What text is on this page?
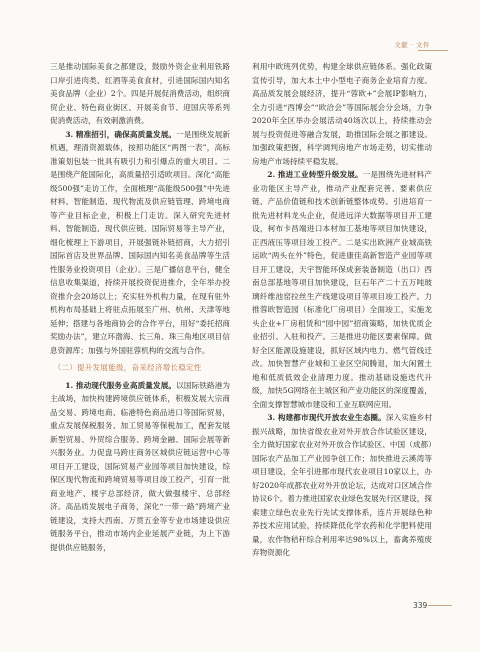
文献 · 文件

三是推动国际美食之都建设，鼓励外资企业利用铁路口岸引进肉类、红酒等美食食材，引进国际国内知名美食品牌（企业）2个。四是开展促消费活动，组织商贸企业、特色商业街区、开展美食节、迎国庆等系列促消费活动，有效刺激消费。

3. 精准招引，确保高质量发展。一是围绕发展新机遇，理清资源载体，按照功能区“两图一表”，高标准策划包装一批具有吸引力和引爆点的重大项目。二是围绕产能国际化，高质量招引适欧项目。深化“高能级500强”走访工作，全面梳理“高能级500强”中先进材料、智能制造、现代物流及供应链管理、跨境电商等产业目标企业，积极上门走访。深入研究先进材料、智能制造、现代供应链、国际贸易等主导产业，细化梳理上下游项目，开展强链补链招商，大力招引国际首店及世界品牌、国际国内知名美食品牌等生活性服务业投资项目（企业）。三是广播信息平台，健全信息收集渠道，持续开展投资促进推介，全年举办投资推介会20场以上；充实驻外机构力量，在现有驻外机构布局基础上将驻点拓展至广州、杭州、天津等地延伸；搭建与各地商协会的合作平台，用好“委托招商奖励办法”，建立环渤海、长三角、珠三角地区项目信息资源库；加强与外国驻蓉机构的交流与合作。

（二）提升发展能级，奋采经济增长稳定性

1. 推动现代服务业高质量发展。以国际铁路港为主战场，加快构建跨境供应链体系，积极发展大宗商品交易、跨境电商、临港特色商品进口等国际贸易，重点发展保税服务、加工贸易等保税加工，配套发展新型贸易、外贸综合服务、跨境金融、国际会展等新兴服务业。力促盘马跨庄商务区城供应链运营中心等项目开工建设，国际贸易产业园等项目加快建设，综保区现代物流和跨境贸易等项目竣工投产，引育一批商业地产、楼宇总部经济，做大做强楼宇、总部经济。高品质发展电子商务，深化“一带一路”跨境产业链建设，支持大西南、万贯五金等专业市场建设供应链服务平台，推动市场内企业延展产业链，为上下游提供供应链服务，

利用中欧班列优势，构建全球供应链体系。强化政策宣传引导，加大本土中小型电子商务企业培育力度。高品质发展会展经济，提升“蓉欧+”会展IP影响力，全力引进“西博会”“欧洽会”等国际展会分会场，力争2020年全区举办会展活动40场次以上，持续推动会展与投资促进等融合发展，助推国际会展之都建设。加强政策把握，科学调判房地产市场走势，切实推动房地产市场持续平稳发展。

2. 推进工业转型升级发展。一是围绕先进材料产业功能区主导产业，推动产业配套完善、要素供应链、产品价值链和技术创新链整体成势。引进培育一批先进材料龙头企业，促进远洋大数据等项目开工建设，柯布卡昌端进口本材加工基地等项目加快建设，正西液压等项目竣工投产。二是实出欧洲产业城高铁运欧“两头在外”特色，促进康佳高新智造产业园等项目开工建设，天宇智能环保成套装备制造（出口）西南总部基地等项目加快建设，巨石年产二十五万吨玻璃纤维池窑拉丝生产线建设项目等项目竣工投产。力推蓉欧智造园（标准化厂房项目）全面竣工，实施龙头企业+厂房租赁和“园中园”招商策略，加快优质企业招引、入驻和投产。三是推进功能区要素保障。做好全区能源设施建设，抓好区域内电力、燃气管线迁改。加快智慧产业城和工业区空间腾退，加大闲置土地和低质低效企业清理力度。推动基础设施迭代升级，加快5G网络在主城区和产业功能区的深度覆盖，全面支撑智慧城市建设和工业互联网应用。

3. 构建都市现代开放农业生态圈。深入实施乡村振兴战略，加快省级农业对外开放合作试验区建设，全力做好国家农业对外开放合作试验区、中国（成都）国际农产品加工产业园争创工作；加快推进云溪湾等项目建设，全年引进都市现代农业项目10家以上，办好2020年成都农业对外开放论坛，达成对口区域合作协议6个。着力推进国家农业绿色发展先行区建设，探索建立绿色农业先行先试支撑体系，连片开展绿色种养技术应用试验，持续降低化学农药和化学肥料使用量，农作物秸秆综合利用率达98%以上，畜禽养殖废弃物资源化

339
